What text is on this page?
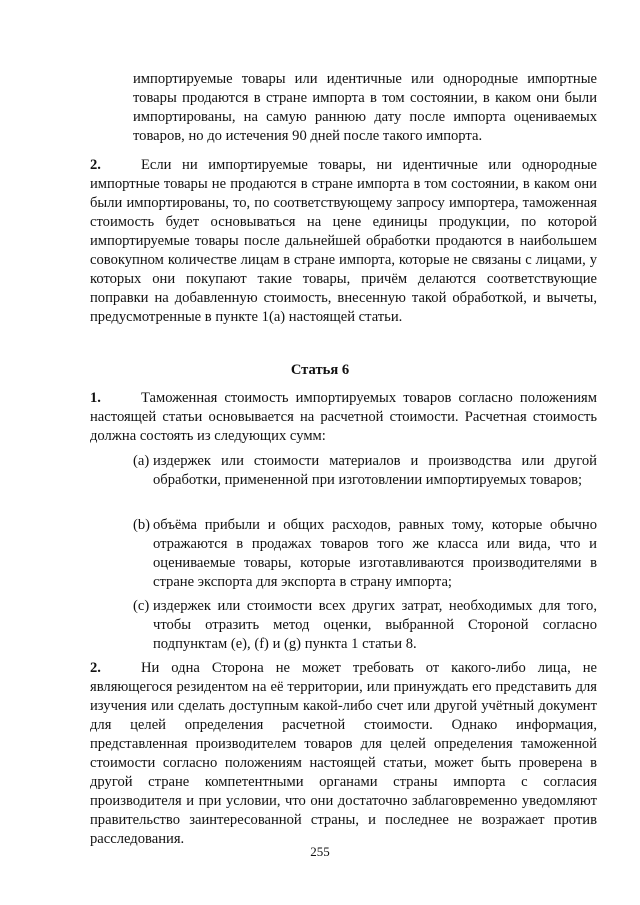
импортируемые товары или идентичные или однородные импортные товары продаются в стране импорта в том состоянии, в каком они были импортированы, на самую раннюю дату после импорта оцениваемых товаров, но до истечения 90 дней после такого импорта.
2.	Если ни импортируемые товары, ни идентичные или однородные импортные товары не продаются в стране импорта в том состоянии, в каком они были импортированы, то, по соответствующему запросу импортера, таможенная стоимость будет основываться на цене единицы продукции, по которой импортируемые товары после дальнейшей обработки продаются в наибольшем совокупном количестве лицам в стране импорта, которые не связаны с лицами, у которых они покупают такие товары, причём делаются соответствующие поправки на добавленную стоимость, внесенную такой обработкой, и вычеты, предусмотренные в пункте 1(a) настоящей статьи.
Статья 6
1.	Таможенная стоимость импортируемых товаров согласно положениям настоящей статьи основывается на расчетной стоимости. Расчетная стоимость должна состоять из следующих сумм:
(a) издержек или стоимости материалов и производства или другой обработки, примененной при изготовлении импортируемых товаров;
(b) объёма прибыли и общих расходов, равных тому, которые обычно отражаются в продажах товаров того же класса или вида, что и оцениваемые товары, которые изготавливаются производителями в стране экспорта для экспорта в страну импорта;
(c) издержек или стоимости всех других затрат, необходимых для того, чтобы отразить метод оценки, выбранной Стороной согласно подпунктам (e), (f) и (g) пункта 1 статьи 8.
2.	Ни одна Сторона не может требовать от какого-либо лица, не являющегося резидентом на её территории, или принуждать его представить для изучения или сделать доступным какой-либо счет или другой учётный документ для целей определения расчетной стоимости. Однако информация, представленная производителем товаров для целей определения таможенной стоимости согласно положениям настоящей статьи, может быть проверена в другой стране компетентными органами страны импорта с согласия производителя и при условии, что они достаточно заблаговременно уведомляют правительство заинтересованной страны, и последнее не возражает против расследования.
255
